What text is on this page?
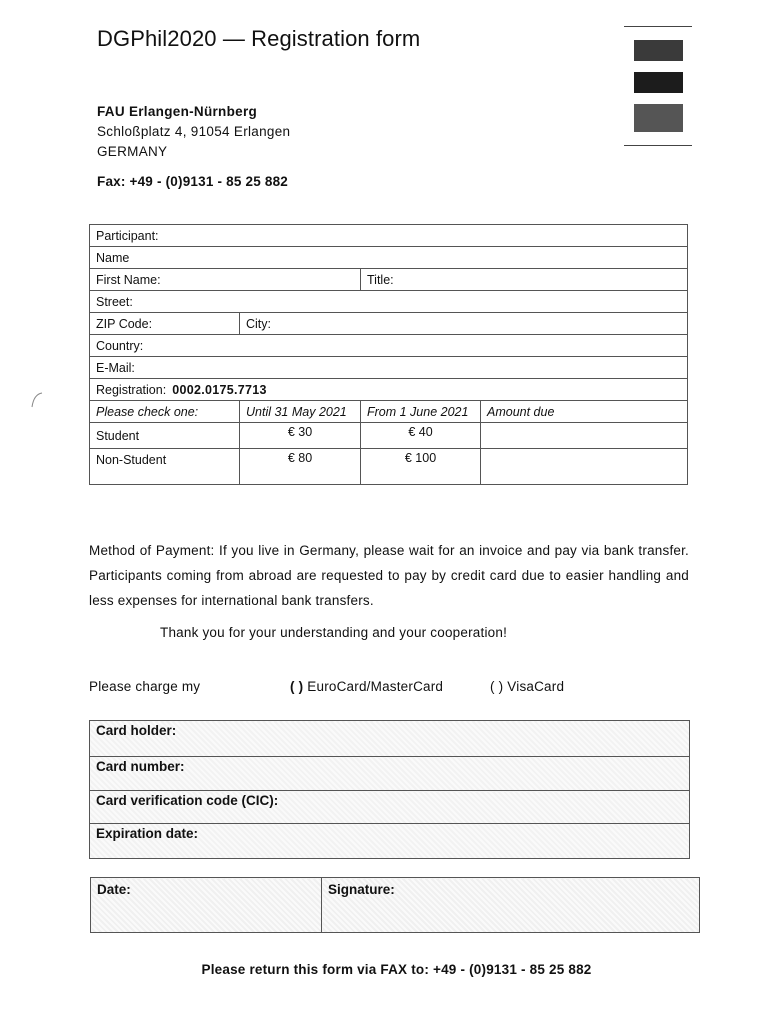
DGPhil2020 — Registration form
FAU Erlangen-Nürnberg
Schloßplatz 4, 91054 Erlangen
GERMANY
Fax: +49 - (0)9131 - 85 25 882
Participant:			
Name			
First Name:		Title:	
Street:			
ZIP Code:	City:		
Country:			
E-Mail:			
Registration: 0002.0175.7713			
Please check one:	Until 31 May 2021	From 1 June 2021	Amount due
Student	€ 30	€ 40	
Non-Student	€ 80	€ 100	
Method of Payment: If you live in Germany, please wait for an invoice and pay via bank transfer. Participants coming from abroad are requested to pay by credit card due to easier handling and less expenses for international bank transfers.
Thank you for your understanding and your cooperation!
Please charge my	( ) EuroCard/MasterCard	( ) VisaCard
Card holder:
Card number:
Card verification code (CIC):
Expiration date:
Date:	Signature:
Please return this form via FAX to: +49 - (0)9131 - 85 25 882
